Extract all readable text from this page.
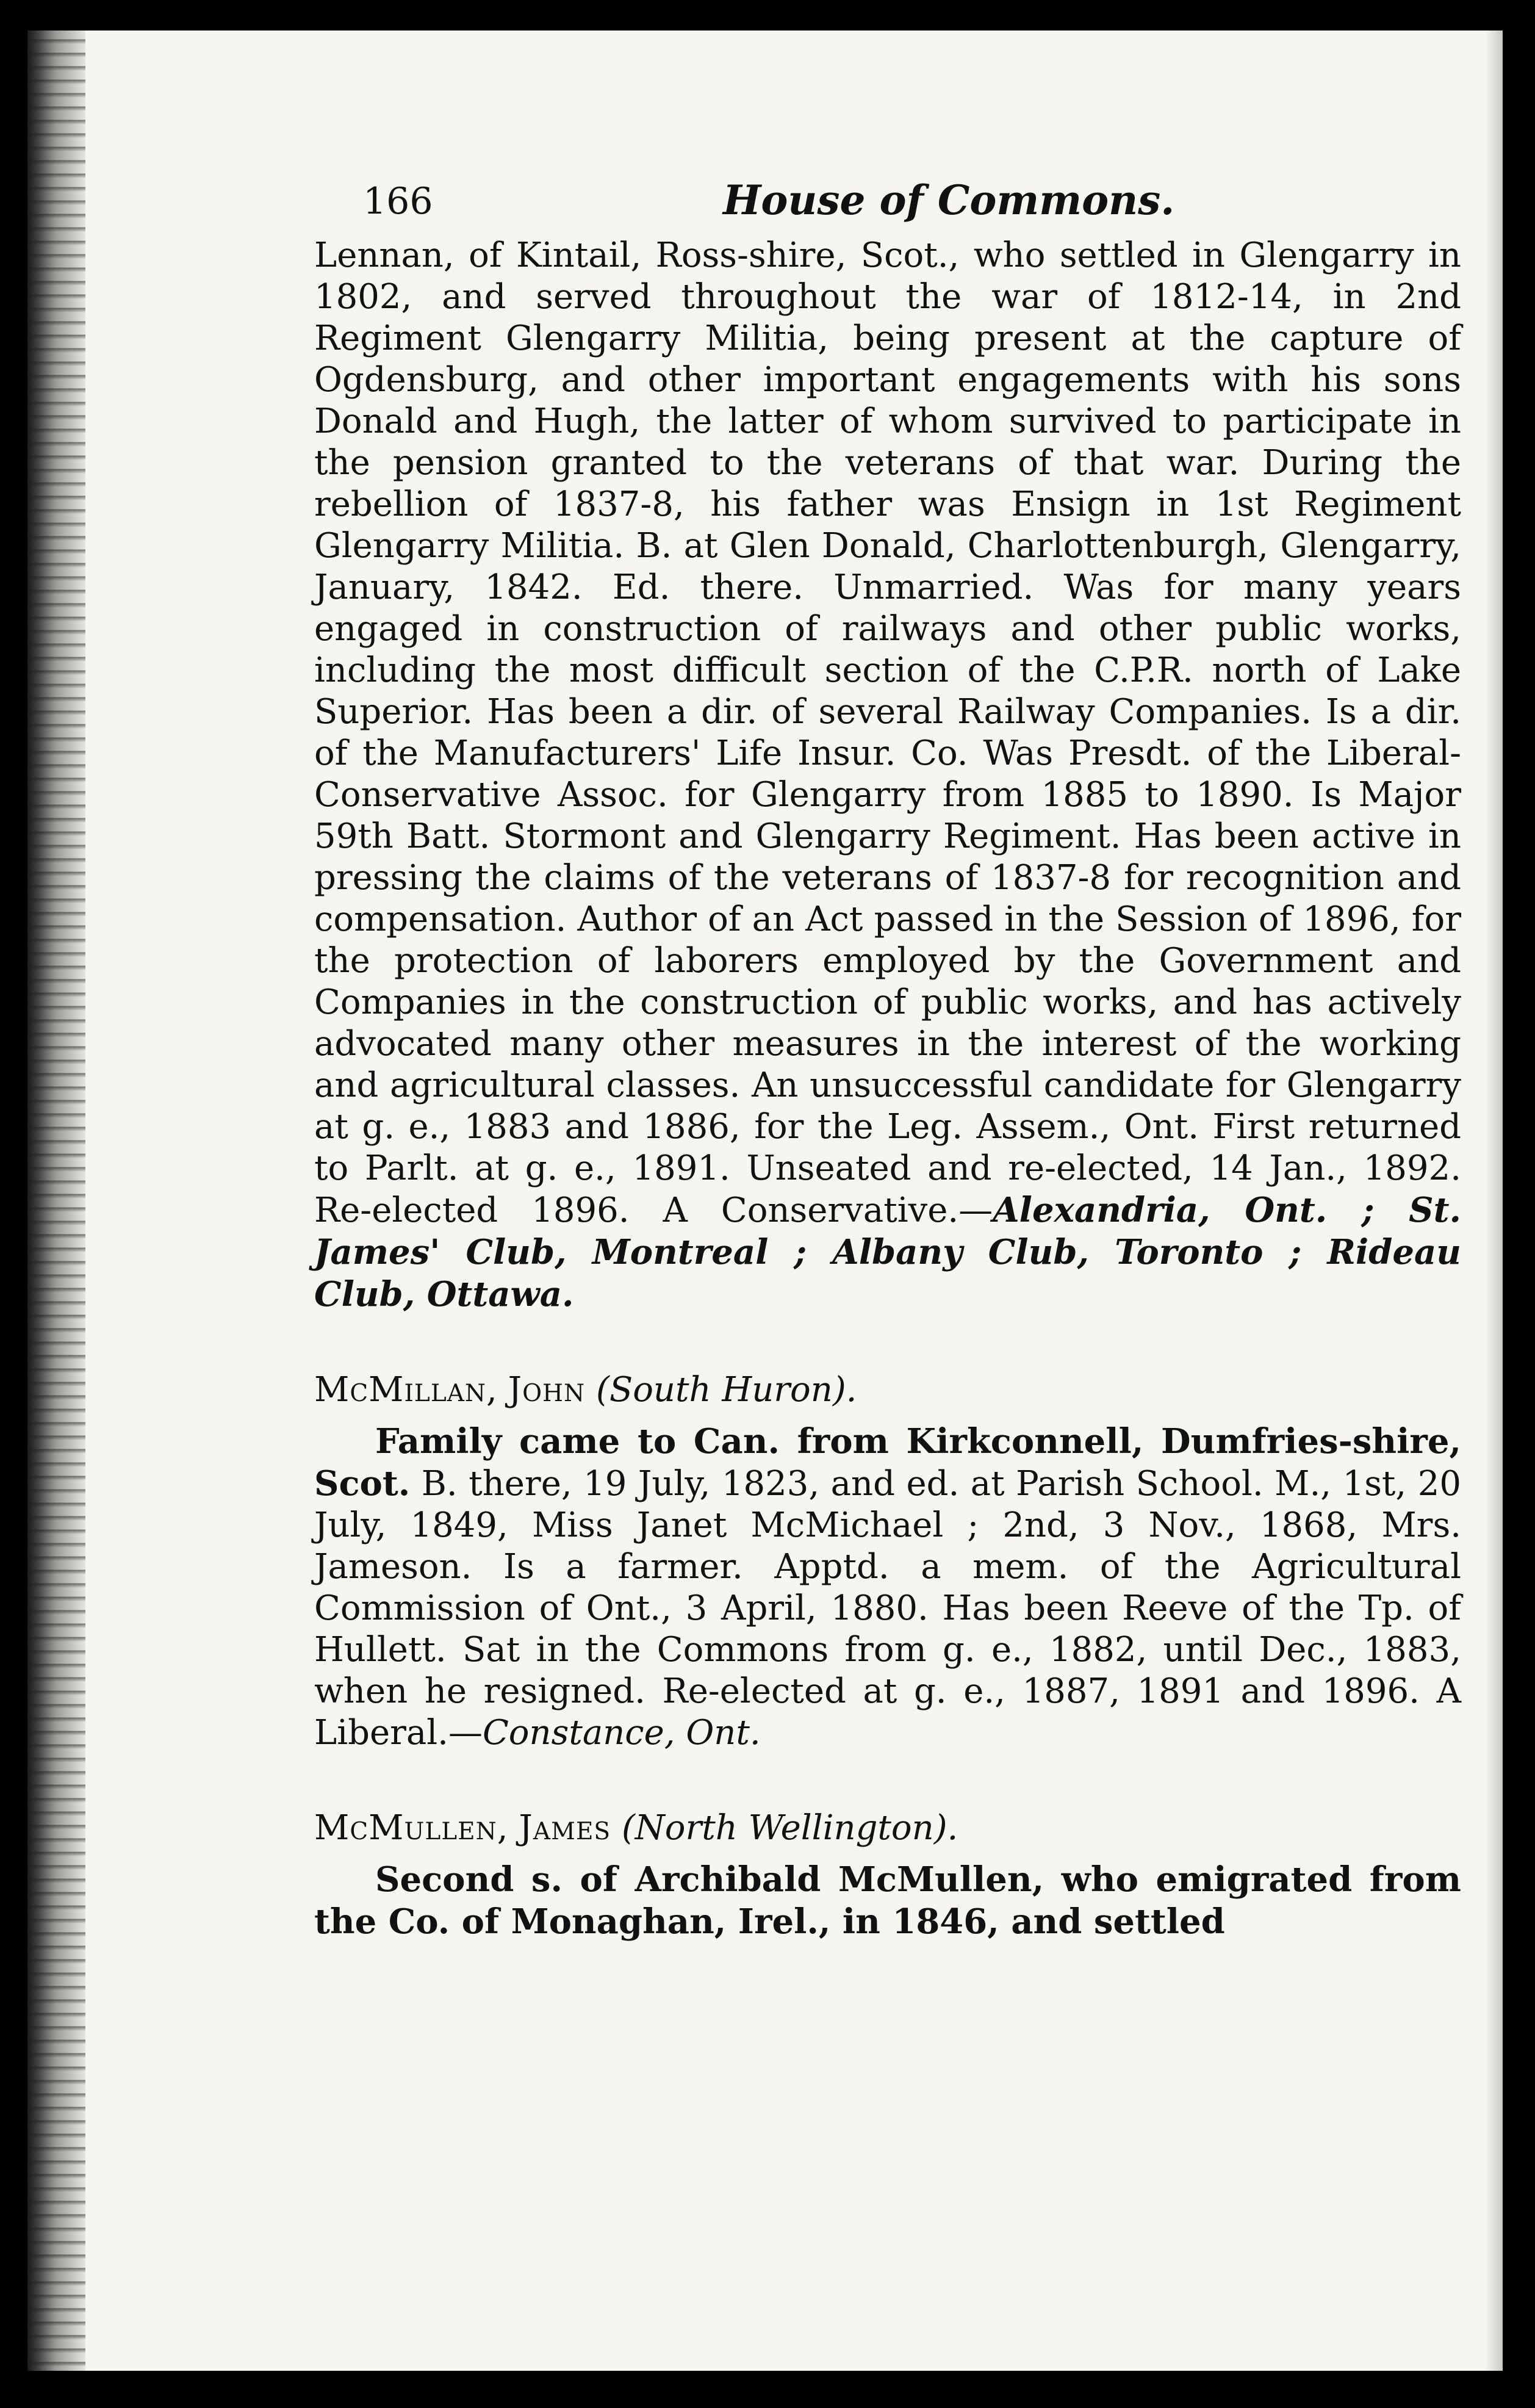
166	House of Commons.

Lennan, of Kintail, Ross-shire, Scot., who settled in Glengarry in 1802, and served throughout the war of 1812-14, in 2nd Regiment Glengarry Militia, being present at the capture of Ogdensburg, and other important engagements with his sons Donald and Hugh, the latter of whom survived to participate in the pension granted to the veterans of that war. During the rebellion of 1837-8, his father was Ensign in 1st Regiment Glengarry Militia. B. at Glen Donald, Charlottenburgh, Glengarry, January, 1842. Ed. there. Unmarried. Was for many years engaged in construction of railways and other public works, including the most difficult section of the C.P.R. north of Lake Superior. Has been a dir. of several Railway Companies. Is a dir. of the Manufacturers' Life Insur. Co. Was Presdt. of the Liberal-Conservative Assoc. for Glengarry from 1885 to 1890. Is Major 59th Batt. Stormont and Glengarry Regiment. Has been active in pressing the claims of the veterans of 1837-8 for recognition and compensation. Author of an Act passed in the Session of 1896, for the protection of laborers employed by the Government and Companies in the construction of public works, and has actively advocated many other measures in the interest of the working and agricultural classes. An unsuccessful candidate for Glengarry at g. e., 1883 and 1886, for the Leg. Assem., Ont. First returned to Parlt. at g. e., 1891. Unseated and re-elected, 14 Jan., 1892. Re-elected 1896. A Conservative.—Alexandria, Ont. ; St. James' Club, Montreal ; Albany Club, Toronto ; Rideau Club, Ottawa.

McMillan, John (South Huron).

Family came to Can. from Kirkconnell, Dumfries-shire, Scot. B. there, 19 July, 1823, and ed. at Parish School. M., 1st, 20 July, 1849, Miss Janet McMichael ; 2nd, 3 Nov., 1868, Mrs. Jameson. Is a farmer. Apptd. a mem. of the Agricultural Commission of Ont., 3 April, 1880. Has been Reeve of the Tp. of Hullett. Sat in the Commons from g. e., 1882, until Dec., 1883, when he resigned. Re-elected at g. e., 1887, 1891 and 1896. A Liberal.—Constance, Ont.

McMullen, James (North Wellington).

Second s. of Archibald McMullen, who emigrated from the Co. of Monaghan, Irel., in 1846, and settled
